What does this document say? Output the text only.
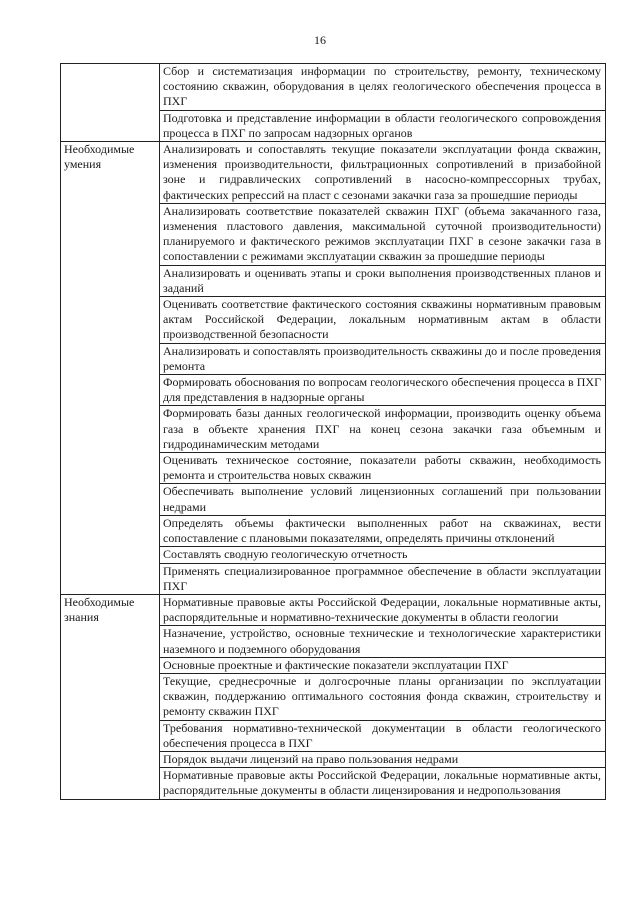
16
	Сбор и систематизация информации по строительству, ремонту, техническому состоянию скважин, оборудования в целях геологического обеспечения процесса в ПХГ
	Подготовка и представление информации в области геологического сопровождения процесса в ПХГ по запросам надзорных органов
Необходимые умения	Анализировать и сопоставлять текущие показатели эксплуатации фонда скважин, изменения производительности, фильтрационных сопротивлений в призабойной зоне и гидравлических сопротивлений в насосно-компрессорных трубах, фактических репрессий на пласт с сезонами закачки газа за прошедшие периоды
	Анализировать соответствие показателей скважин ПХГ (объема закачанного газа, изменения пластового давления, максимальной суточной производительности) планируемого и фактического режимов эксплуатации ПХГ в сезоне закачки газа в сопоставлении с режимами эксплуатации скважин за прошедшие периоды
	Анализировать и оценивать этапы и сроки выполнения производственных планов и заданий
	Оценивать соответствие фактического состояния скважины нормативным правовым актам Российской Федерации, локальным нормативным актам в области производственной безопасности
	Анализировать и сопоставлять производительность скважины до и после проведения ремонта
	Формировать обоснования по вопросам геологического обеспечения процесса в ПХГ для представления в надзорные органы
	Формировать базы данных геологической информации, производить оценку объема газа в объекте хранения ПХГ на конец сезона закачки газа объемным и гидродинамическим методами
	Оценивать техническое состояние, показатели работы скважин, необходимость ремонта и строительства новых скважин
	Обеспечивать выполнение условий лицензионных соглашений при пользовании недрами
	Определять объемы фактически выполненных работ на скважинах, вести сопоставление с плановыми показателями, определять причины отклонений
	Составлять сводную геологическую отчетность
	Применять специализированное программное обеспечение в области эксплуатации ПХГ
Необходимые знания	Нормативные правовые акты Российской Федерации, локальные нормативные акты, распорядительные и нормативно-технические документы в области геологии
	Назначение, устройство, основные технические и технологические характеристики наземного и подземного оборудования
	Основные проектные и фактические показатели эксплуатации ПХГ
	Текущие, среднесрочные и долгосрочные планы организации по эксплуатации скважин, поддержанию оптимального состояния фонда скважин, строительству и ремонту скважин ПХГ
	Требования нормативно-технической документации в области геологического обеспечения процесса в ПХГ
	Порядок выдачи лицензий на право пользования недрами
	Нормативные правовые акты Российской Федерации, локальные нормативные акты, распорядительные документы в области лицензирования и недропользования
